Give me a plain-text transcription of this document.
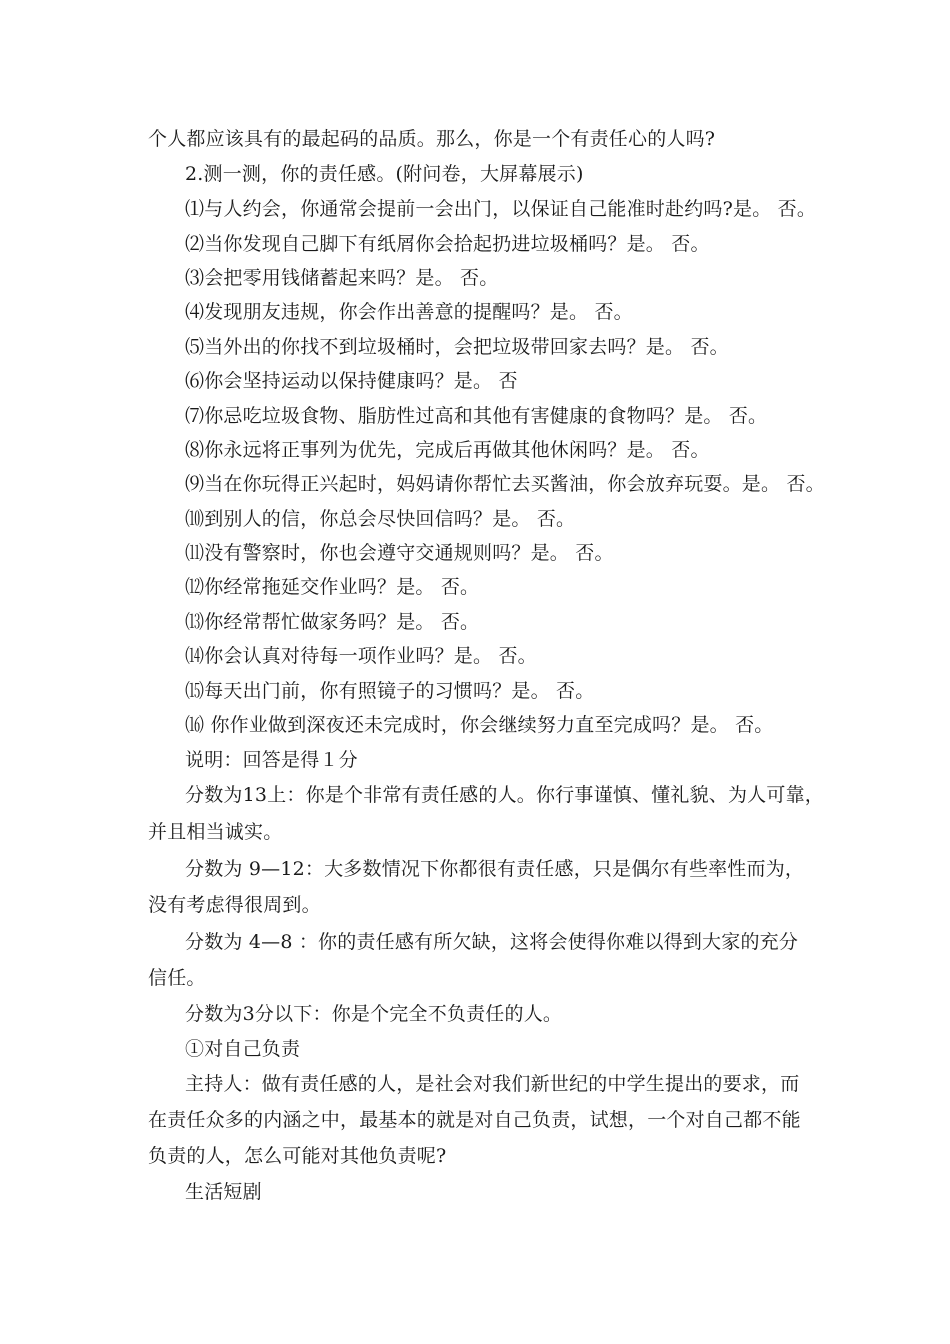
个人都应该具有的最起码的品质。那么，你是一个有责任心的人吗?
2.测一测，你的责任感。(附问卷，大屏幕展示)
⑴与人约会，你通常会提前一会出门，以保证自己能准时赴约吗?是。 否。
⑵当你发现自己脚下有纸屑你会拾起扔进垃圾桶吗？是。 否。
⑶会把零用钱储蓄起来吗？是。 否。
⑷发现朋友违规，你会作出善意的提醒吗？是。 否。
⑸当外出的你找不到垃圾桶时，会把垃圾带回家去吗？是。 否。
⑹你会坚持运动以保持健康吗？是。 否
⑺你忌吃垃圾食物、脂肪性过高和其他有害健康的食物吗？是。 否。
⑻你永远将正事列为优先，完成后再做其他休闲吗？是。 否。
⑼当在你玩得正兴起时，妈妈请你帮忙去买酱油，你会放弃玩耍。是。 否。
⑽到别人的信，你总会尽快回信吗？是。 否。
⑾没有警察时，你也会遵守交通规则吗？是。 否。
⑿你经常拖延交作业吗？是。 否。
⒀你经常帮忙做家务吗？是。 否。
⒁你会认真对待每一项作业吗？是。 否。
⒂每天出门前，你有照镜子的习惯吗？是。 否。
⒃ 你作业做到深夜还未完成时，你会继续努力直至完成吗？是。 否。
说明：回答是得１分
分数为13上：你是个非常有责任感的人。你行事谨慎、懂礼貌、为人可靠，
并且相当诚实。
分数为 9—12：大多数情况下你都很有责任感，只是偶尔有些率性而为，
没有考虑得很周到。
分数为 4—8 ：你的责任感有所欠缺，这将会使得你难以得到大家的充分
信任。
分数为3分以下：你是个完全不负责任的人。
①对自己负责
主持人：做有责任感的人，是社会对我们新世纪的中学生提出的要求，而
在责任众多的内涵之中，最基本的就是对自己负责，试想，一个对自己都不能
负责的人，怎么可能对其他负责呢?
生活短剧
